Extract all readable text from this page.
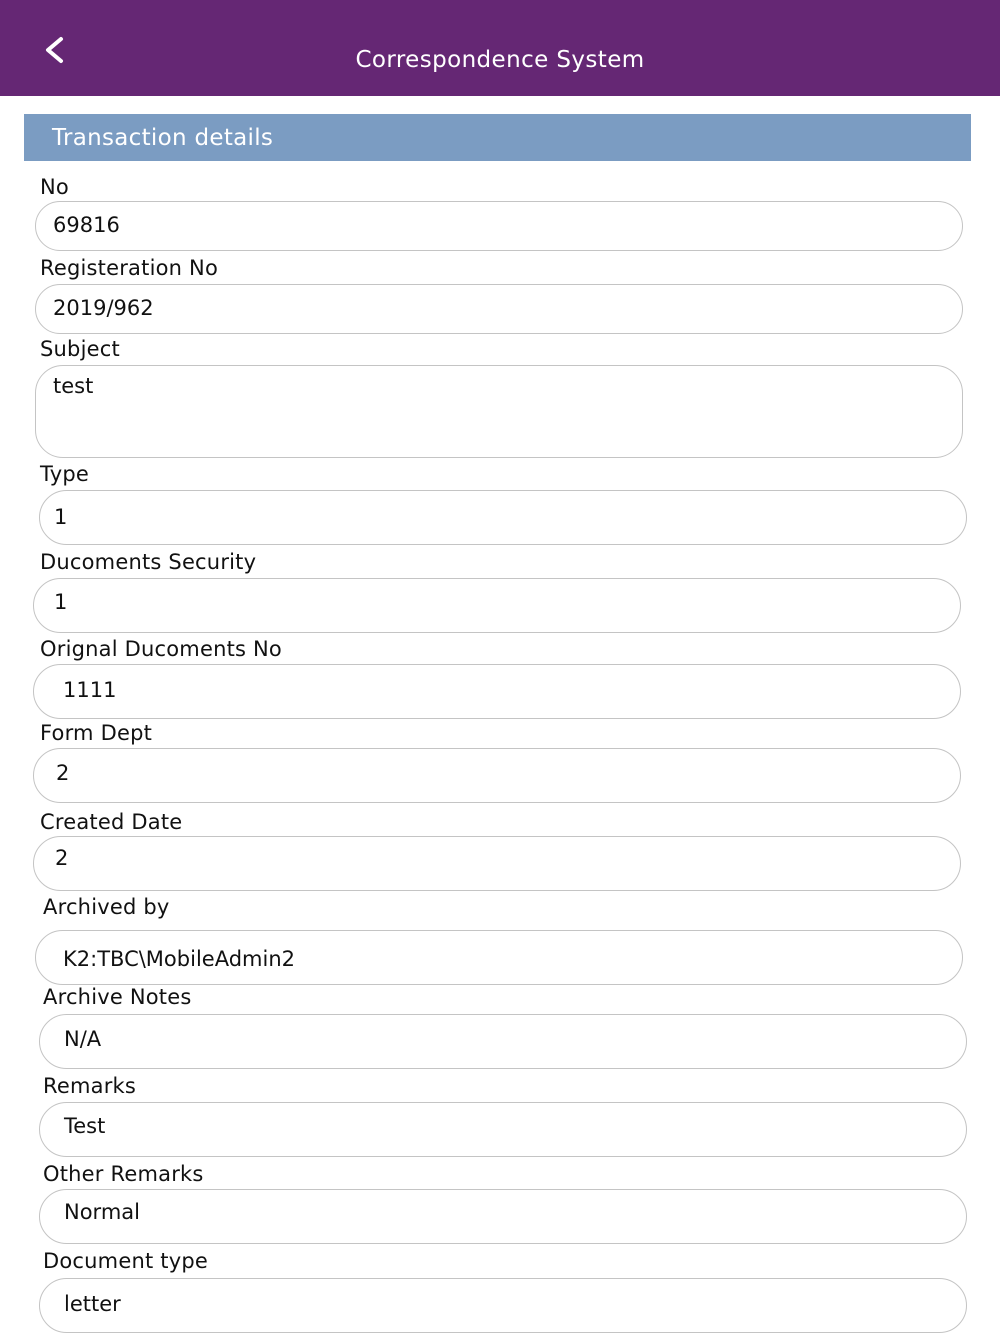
Correspondence System
Transaction details
No
69816
Registeration No
2019/962
Subject
test
Type
1
Ducoments Security
1
Orignal Ducoments No
1111
Form Dept
2
Created Date
2
Archived by
K2:TBC\MobileAdmin2
Archive Notes
N/A
Remarks
Test
Other Remarks
Normal
Document type
letter
